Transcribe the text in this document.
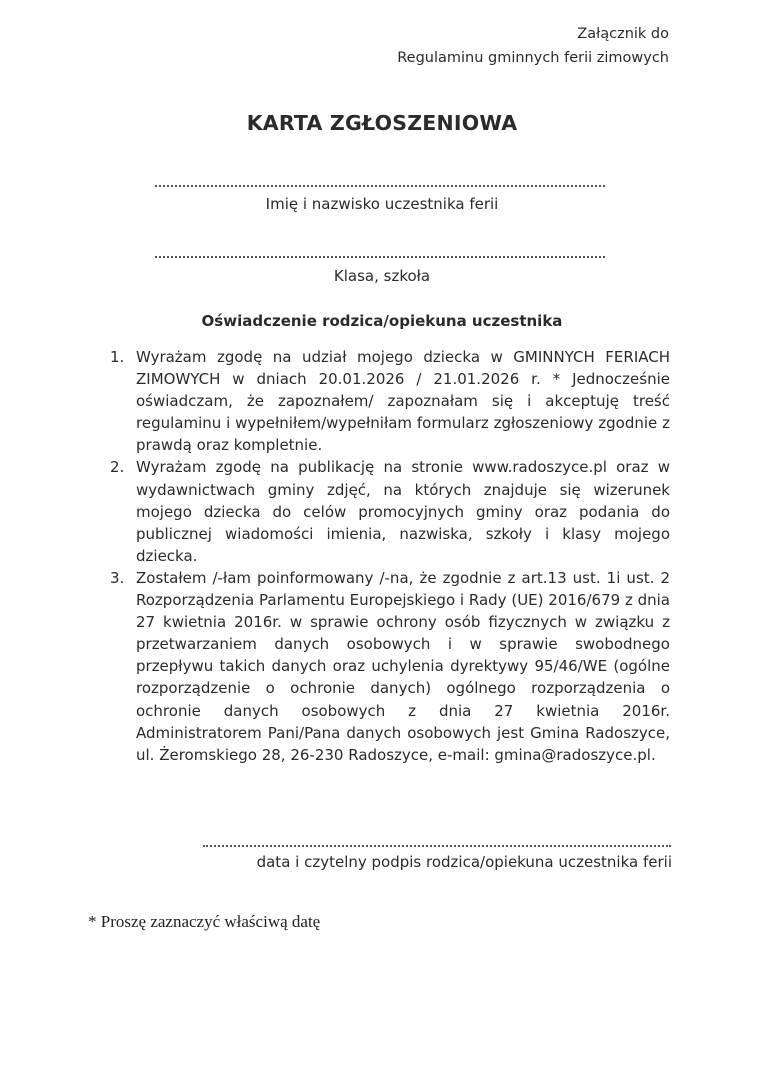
Załącznik do
Regulaminu gminnych ferii zimowych
KARTA ZGŁOSZENIOWA
Imię i nazwisko uczestnika ferii
Klasa, szkoła
Oświadczenie rodzica/opiekuna uczestnika
1. Wyrażam zgodę na udział mojego dziecka w GMINNYCH FERIACH ZIMOWYCH w dniach 20.01.2026 / 21.01.2026 r. * Jednocześnie oświadczam, że zapoznałem/ zapoznałam się i akceptuję treść regulaminu i wypełniłem/wypełniłam formularz zgłoszeniowy zgodnie z prawdą oraz kompletnie.
2. Wyrażam zgodę na publikację na stronie www.radoszyce.pl oraz w wydawnictwach gminy zdjęć, na których znajduje się wizerunek mojego dziecka do celów promocyjnych gminy oraz podania do publicznej wiadomości imienia, nazwiska, szkoły i klasy mojego dziecka.
3. Zostałem /-łam poinformowany /-na, że zgodnie z art.13 ust. 1i ust. 2 Rozporządzenia Parlamentu Europejskiego i Rady (UE) 2016/679 z dnia 27 kwietnia 2016r. w sprawie ochrony osób fizycznych w związku z przetwarzaniem danych osobowych i w sprawie swobodnego przepływu takich danych oraz uchylenia dyrektywy 95/46/WE (ogólne rozporządzenie o ochronie danych) ogólnego rozporządzenia o ochronie danych osobowych z dnia 27 kwietnia 2016r. Administratorem Pani/Pana danych osobowych jest Gmina Radoszyce, ul. Żeromskiego 28, 26-230 Radoszyce, e-mail: gmina@radoszyce.pl.
data i czytelny podpis rodzica/opiekuna uczestnika ferii
* Proszę zaznaczyć właściwą datę
